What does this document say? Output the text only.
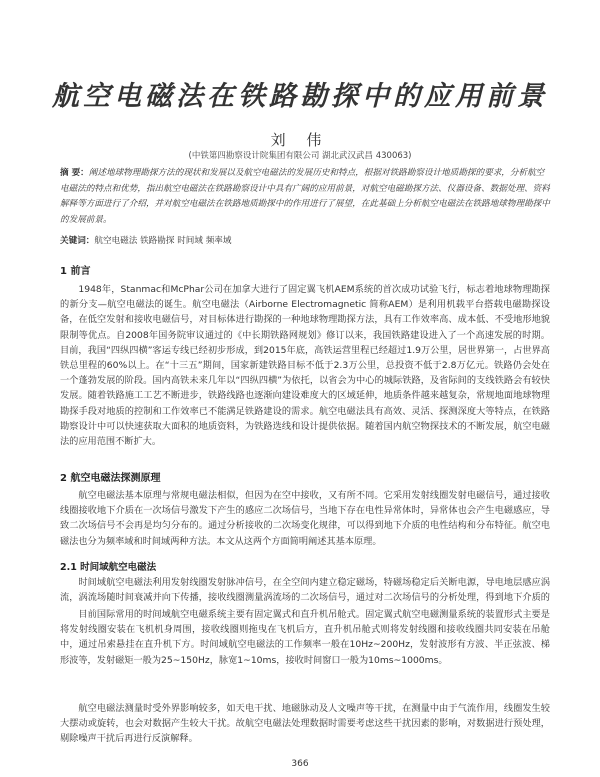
航空电磁法在铁路勘探中的应用前景
刘 伟
(中铁第四勘察设计院集团有限公司 湖北武汉武昌 430063)
摘 要：阐述地球物理勘探方法的现状和发展以及航空电磁法的发展历史和特点，根据对铁路勘察设计地质勘探的要求，分析航空电磁法的特点和优势，指出航空电磁法在铁路勘察设计中具有广阔的应用前景，对航空电磁勘探方法、仪器设备、数据处理、资料解释等方面进行了介绍，并对航空电磁法在铁路地质勘探中的作用进行了展望，在此基础上分析航空电磁法在铁路地球物理勘探中的发展前景。
关键词：航空电磁法 铁路勘探 时间域 频率域
1 前言

1948年，Stanmac和McPhar公司在加拿大进行了固定翼飞机AEM系统的首次成功试验飞行，标志着地球物理勘探的新分支—航空电磁法的诞生。航空电磁法（Airborne Electromagnetic 简称AEM）是利用机载平台搭载电磁勘探设备，在低空发射和接收电磁信号，对目标体进行勘探的一种地球物理勘探方法，具有工作效率高、成本低、不受地形地貌限制等优点。自2008年国务院审议通过的《中长期铁路网规划》修订以来，我国铁路建设进入了一个高速发展的时期。目前，我国“四纵四横”客运专线已经初步形成，到2015年底，高铁运营里程已经超过1.9万公里，居世界第一，占世界高铁总里程的60%以上。在“十三五”期间，国家新建铁路目标不低于2.3万公里，总投资不低于2.8万亿元。铁路仍会处在一个蓬勃发展的阶段。国内高铁未来几年以“四纵四横”为依托，以省会为中心的城际铁路，及省际间的支线铁路会有较快发展。随着铁路施工工艺不断进步，铁路线路也逐渐向建设难度大的区域延伸，地质条件越来越复杂，常规地面地球物理勘探手段对地质的控制和工作效率已不能满足铁路建设的需求。航空电磁法具有高效、灵活、探测深度大等特点，在铁路勘察设计中可以快速获取大面积的地质资料，为铁路选线和设计提供依据。随着国内航空物探技术的不断发展，航空电磁法的应用范围不断扩大。

2 航空电磁法探测原理

航空电磁法基本原理与常规电磁法相似，但因为在空中接收，又有所不同。它采用发射线圈发射电磁信号，通过接收线圈接收地下介质在一次场信号激发下产生的感应二次场信号，当地下存在电性异常体时，异常体也会产生电磁感应，导致二次场信号不会再是均匀分布的。通过分析接收的二次场变化规律，可以得到地下介质的电性结构和分布特征。航空电磁法也分为频率域和时间域两种方法。本文从这两个方面简明阐述其基本原理。

2.1 时间域航空电磁法

时间域航空电磁法利用发射线圈发射脉冲信号，在全空间内建立稳定磁场，特磁场稳定后关断电源，导电地层感应涡流，涡流场随时间衰减并向下传播，接收线圈测量涡流场的二次场信号，通过对二次场信号的分析处理，得到地下介质的

目前国际常用的时间域航空电磁系统主要有固定翼式和直升机吊舱式。固定翼式航空电磁测量系统的装置形式主要是将发射线圈安装在飞机机身周围，接收线圈则拖曳在飞机后方，直升机吊舱式则将发射线圈和接收线圈共同安装在吊舱中，通过吊索悬挂在直升机下方。时间域航空电磁法的工作频率一般在10Hz~200Hz，发射波形有方波、半正弦波、梯形波等，发射磁矩一般为25~150Hz，脉宽1~10ms，接收时间窗口一般为10ms~1000ms。

航空电磁法测量时受外界影响较多，如天电干扰、地磁脉动及人文噪声等干扰，在测量中由于气流作用，线圈发生较大摆动或旋转，也会对数据产生较大干扰。故航空电磁法处理数据时需要考虑这些干扰因素的影响，对数据进行预处理，剔除噪声干扰后再进行反演解释。

366
